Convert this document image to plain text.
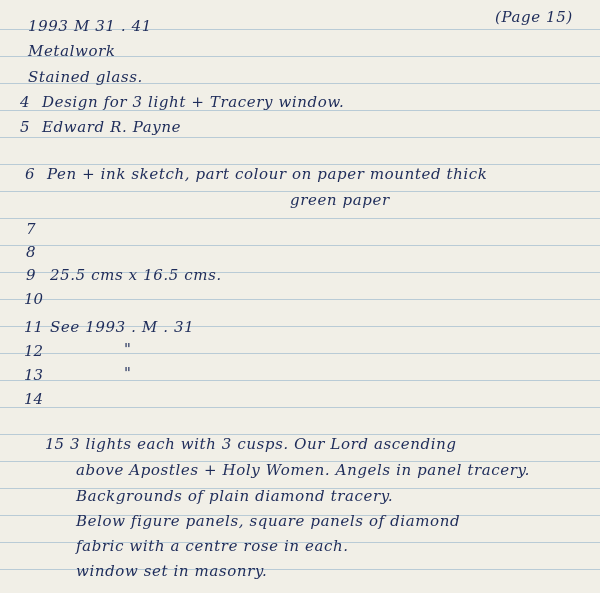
(Page 15)
1993 M 31 . 41
Metalwork
Stained glass.
4 Design for 3 light + Tracery window.
5 Edward R. Payne
6 Pen + ink sketch, part colour on paper mounted thick
green paper
7
8
9 25.5 cms x 16.5 cms.
10
11 See 1993 . M . 31
12	"
13	"
14
15 3 lights each with 3 cusps. Our Lord ascending
above Apostles + Holy Women. Angels in panel tracery.
Backgrounds of plain diamond tracery.
Below figure panels, square panels of diamond
fabric with a centre rose in each.
window set in masonry.
